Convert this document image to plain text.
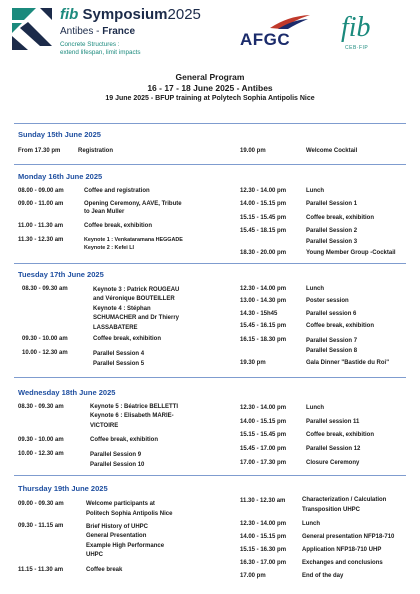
fib Symposium2025
Antibes - France
Concrete Structures :
extend lifespan, limit impacts
AFGC fib
CEB·FIP
General Program
16 - 17 - 18 June 2025 - Antibes
19 June 2025 - BFUP training at Polytech Sophia Antipolis Nice
Sunday 15th June 2025
From 17.30 pm	Registration	19.00 pm	Welcome Cocktail
Monday 16th June 2025
08.00 - 09.00 am	Coffee and registration
09.00 - 11.00 am	Opening Ceremony, AAVE, Tribute
to Jean Muller
11.00 - 11.30 am	Coffee break, exhibition
11.30 - 12.30 am	Keynote 1 : Venkataramana HEGGADE
Keynote 2 : Kefei LI
12.30 - 14.00 pm	Lunch
14.00 - 15.15 pm	Parallel Session 1
15.15 - 15.45 pm	Coffee break, exhibition
15.45 - 18.15 pm	Parallel Session 2
Parallel Session 3
18.30 - 20.00 pm	Young Member Group -Cocktail
Tuesday 17th June 2025
08.30 - 09.30 am	Keynote 3 : Patrick ROUGEAU
and Véronique BOUTEILLER
Keynote 4 : Stéphan
SCHUMACHER and Dr Thierry
LASSABATERE
09.30 - 10.00 am	Coffee break, exhibition
10.00 - 12.30 am	Parallel Session 4
Parallel Session 5
12.30 - 14.00 pm	Lunch
13.00 - 14.30 pm	Poster session
14.30 - 15h45	Parallel session 6
15.45 - 16.15 pm	Coffee break, exhibition
16.15 - 18.30 pm	Parallel Session 7
Parallel Session 8
19.30 pm	Gala Dinner "Bastide du Roi"
Wednesday 18th June 2025
08.30 - 09.30 am	Keynote 5 : Béatrice BELLETTI
Keynote 6 : Elisabeth MARIE-
VICTOIRE
09.30 - 10.00 am	Coffee break, exhibition
10.00 - 12.30 am	Parallel Session 9
Parallel Session 10
12.30 - 14.00 pm	Lunch
14.00 - 15.15 pm	Parallel session 11
15.15 - 15.45 pm	Coffee break, exhibition
15.45 - 17.00 pm	Parallel Session 12
17.00 - 17.30 pm	Closure Ceremony
Thursday 19th June 2025
09.00 - 09.30 am	Welcome participants at
Politech Sophia Antipolis Nice
09.30 - 11.15 am	Brief History of UHPC
General Presentation
Example High Performance
UHPC
11.15 - 11.30 am	Coffee break
11.30 - 12.30 am	Characterization / Calculation
Transposition UHPC
12.30 - 14.00 pm	Lunch
14.00 - 15.15 pm	General presentation NFP18-710
15.15 - 16.30 pm	Application NFP18-710 UHP
16.30 - 17.00 pm	Exchanges and conclusions
17.00 pm	End of the day
